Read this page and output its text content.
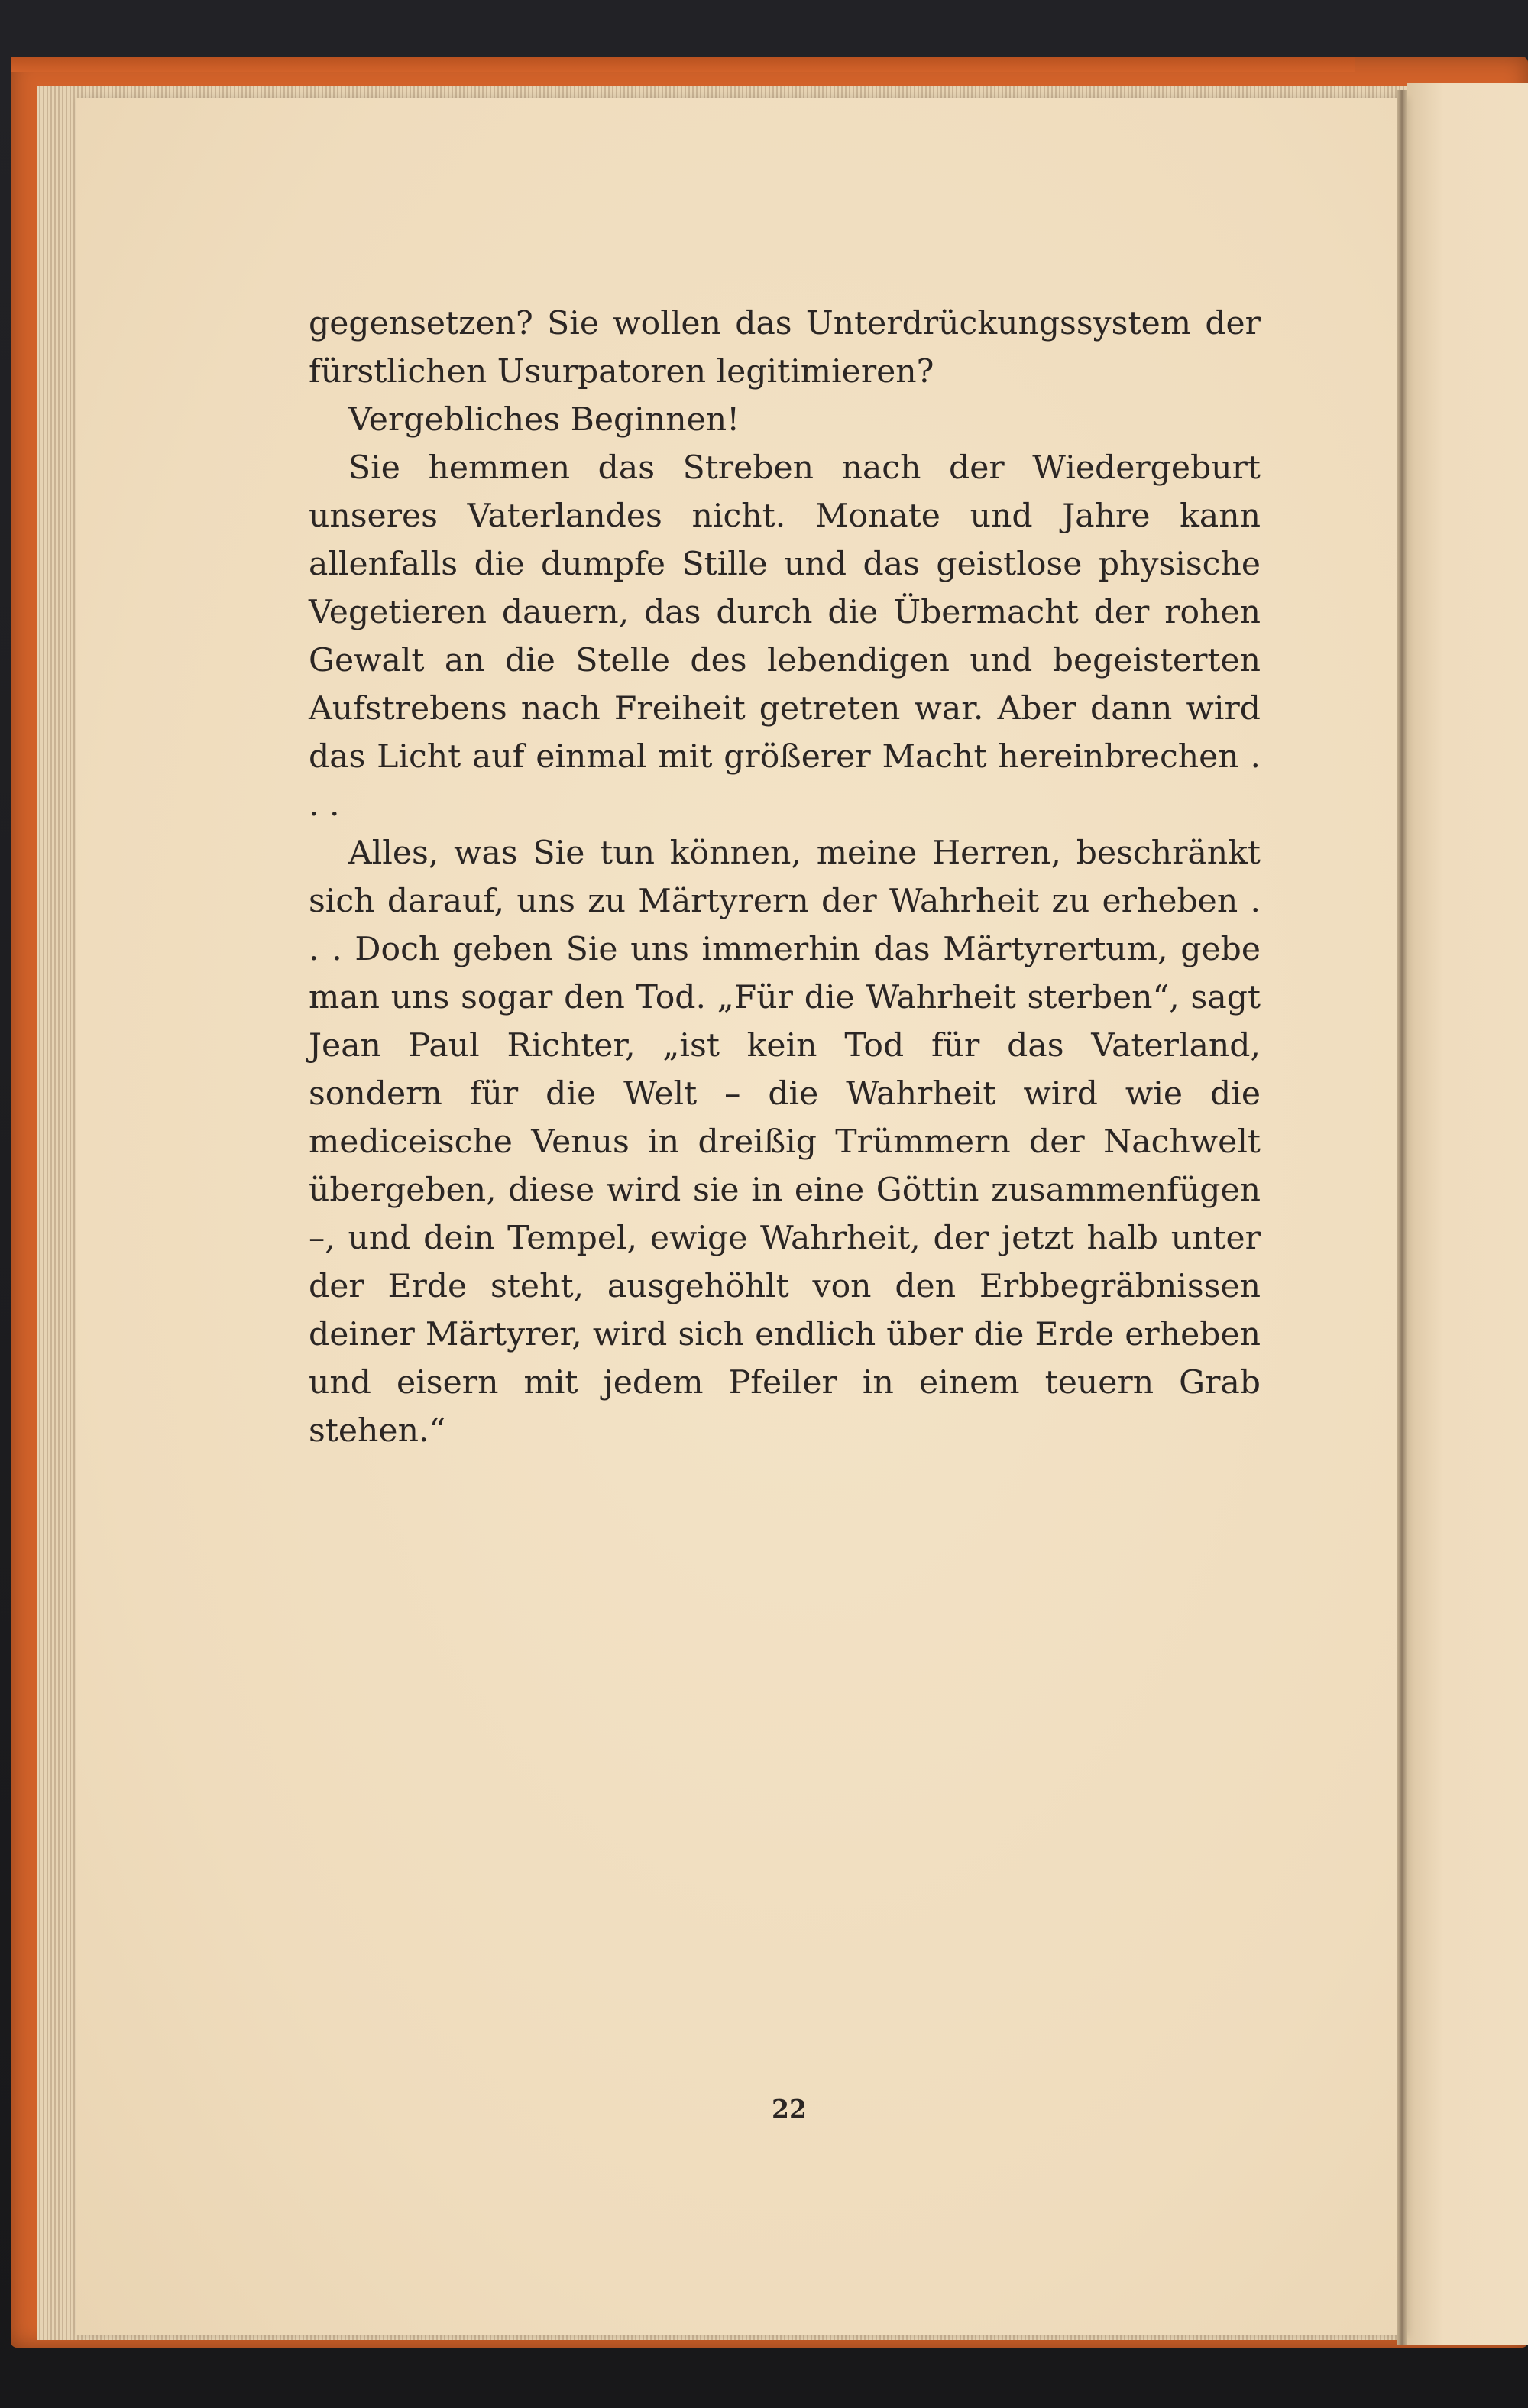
gegensetzen? Sie wollen das Unterdrückungssystem der fürstlichen Usurpatoren legitimieren?

Vergebliches Beginnen!

Sie hemmen das Streben nach der Wiedergeburt unseres Vaterlandes nicht. Monate und Jahre kann allenfalls die dumpfe Stille und das geistlose physische Vegetieren dauern, das durch die Übermacht der rohen Gewalt an die Stelle des lebendigen und begeisterten Aufstrebens nach Freiheit getreten war. Aber dann wird das Licht auf einmal mit größerer Macht hereinbrechen . . .

Alles, was Sie tun können, meine Herren, beschränkt sich darauf, uns zu Märtyrern der Wahrheit zu erheben . . . Doch geben Sie uns immerhin das Märtyrertum, gebe man uns sogar den Tod. „Für die Wahrheit sterben“, sagt Jean Paul Richter, „ist kein Tod für das Vaterland, sondern für die Welt – die Wahrheit wird wie die mediceische Venus in dreißig Trümmern der Nachwelt übergeben, diese wird sie in eine Göttin zusammenfügen –, und dein Tempel, ewige Wahrheit, der jetzt halb unter der Erde steht, ausgehöhlt von den Erbbegräbnissen deiner Märtyrer, wird sich endlich über die Erde erheben und eisern mit jedem Pfeiler in einem teuern Grab stehen.“

22
